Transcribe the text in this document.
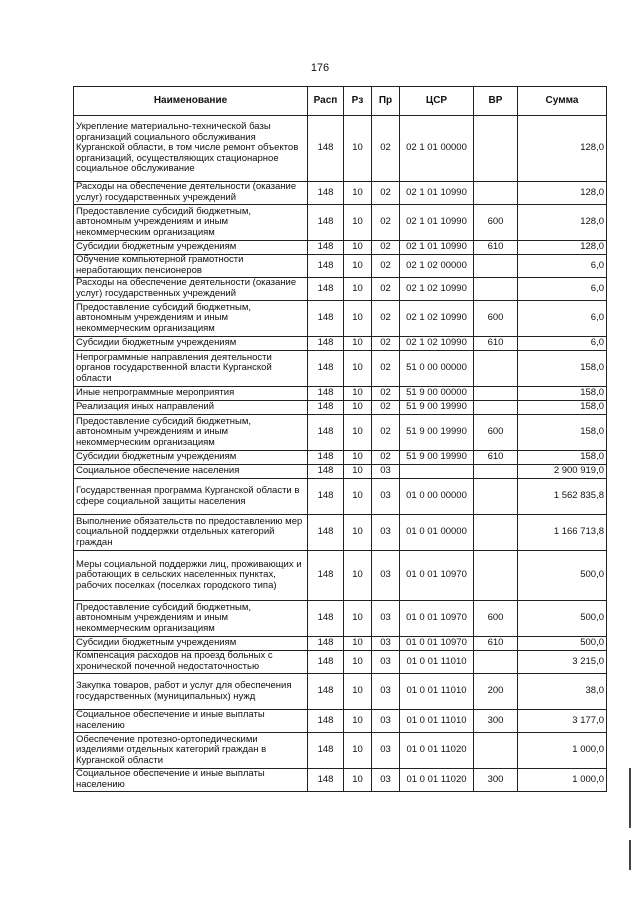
176
Наименование	Расп	Рз	Пр	ЦСР	ВР	Сумма
Укрепление материально-технической базы организаций социального обслуживания Курганской области, в том числе ремонт объектов организаций, осуществляющих стационарное социальное обслуживание	148	10	02	02 1 01 00000		128,0
Расходы на обеспечение деятельности (оказание услуг) государственных учреждений	148	10	02	02 1 01 10990		128,0
Предоставление субсидий бюджетным, автономным учреждениям и иным некоммерческим организациям	148	10	02	02 1 01 10990	600	128,0
Субсидии бюджетным учреждениям	148	10	02	02 1 01 10990	610	128,0
Обучение компьютерной грамотности неработающих пенсионеров	148	10	02	02 1 02 00000		6,0
Расходы на обеспечение деятельности (оказание услуг) государственных учреждений	148	10	02	02 1 02 10990		6,0
Предоставление субсидий бюджетным, автономным учреждениям и иным некоммерческим организациям	148	10	02	02 1 02 10990	600	6,0
Субсидии бюджетным учреждениям	148	10	02	02 1 02 10990	610	6,0
Непрограммные направления деятельности органов государственной власти Курганской области	148	10	02	51 0 00 00000		158,0
Иные непрограммные мероприятия	148	10	02	51 9 00 00000		158,0
Реализация иных направлений	148	10	02	51 9 00 19990		158,0
Предоставление субсидий бюджетным, автономным учреждениям и иным некоммерческим организациям	148	10	02	51 9 00 19990	600	158,0
Субсидии бюджетным учреждениям	148	10	02	51 9 00 19990	610	158,0
Социальное обеспечение населения	148	10	03			2 900 919,0
Государственная программа Курганской области в сфере социальной защиты населения	148	10	03	01 0 00 00000		1 562 835,8
Выполнение обязательств по предоставлению мер социальной поддержки отдельных категорий граждан	148	10	03	01 0 01 00000		1 166 713,8
Меры социальной поддержки лиц, проживающих и работающих в сельских населенных пунктах, рабочих поселках (поселках городского типа)	148	10	03	01 0 01 10970		500,0
Предоставление субсидий бюджетным, автономным учреждениям и иным некоммерческим организациям	148	10	03	01 0 01 10970	600	500,0
Субсидии бюджетным учреждениям	148	10	03	01 0 01 10970	610	500,0
Компенсация расходов на проезд больных с хронической почечной недостаточностью	148	10	03	01 0 01 11010		3 215,0
Закупка товаров, работ и услуг для обеспечения государственных (муниципальных) нужд	148	10	03	01 0 01 11010	200	38,0
Социальное обеспечение и иные выплаты населению	148	10	03	01 0 01 11010	300	3 177,0
Обеспечение протезно-ортопедическими изделиями отдельных категорий граждан в Курганской области	148	10	03	01 0 01 11020		1 000,0
Социальное обеспечение и иные выплаты населению	148	10	03	01 0 01 11020	300	1 000,0
